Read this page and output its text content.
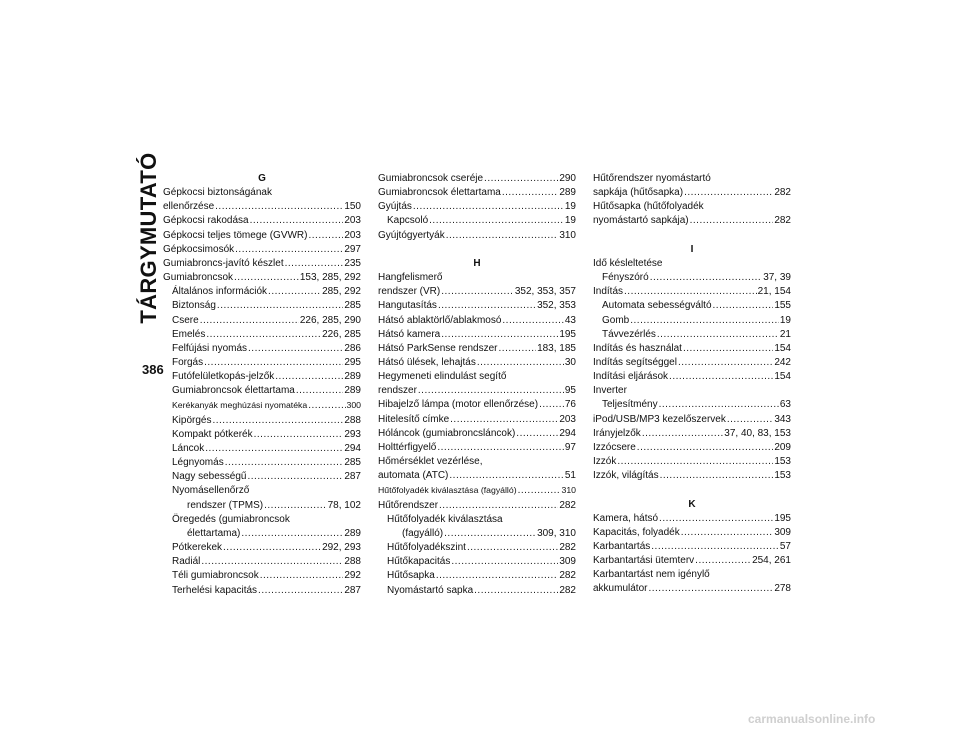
TÁRGYMUTATÓ
386
G
Gépkocsi biztonságának
ellenőrzése .....	150
Gépkocsi rakodása .....	203
Gépkocsi teljes tömege (GVWR) .....	203
Gépkocsimosók .....	297
Gumiabroncs-javító készlet .....	235
Gumiabroncsok .....	153, 285, 292
Általános információk .....	285, 292
Biztonság .....	285
Csere .....	226, 285, 290
Emelés .....	226, 285
Felfújási nyomás .....	286
Forgás .....	295
Futófelületkopás-jelzők .....	289
Gumiabroncsok élettartama .....	289
Kerékanyák meghúzási nyomatéka .....	300
Kipörgés .....	288
Kompakt pótkerék .....	293
Láncok .....	294
Légnyomás .....	285
Nagy sebességű .....	287
Nyomásellenőrző
rendszer (TPMS) .....	78, 102
Öregedés (gumiabroncsok
élettartama) .....	289
Pótkerekek .....	292, 293
Radiál .....	288
Téli gumiabroncsok .....	292
Terhelési kapacitás .....	287
Gumiabroncsok cseréje .....	290
Gumiabroncsok élettartama .....	289
Gyújtás .....	19
Kapcsoló .....	19
Gyújtógyertyák .....	310
H
Hangfelismerő
rendszer (VR) .....	352, 353, 357
Hangutasítás .....	352, 353
Hátsó ablaktörlő/ablakmosó .....	43
Hátsó kamera .....	195
Hátsó ParkSense rendszer .....	183, 185
Hátsó ülések, lehajtás .....	30
Hegymeneti elindulást segítő
rendszer .....	95
Hibajelző lámpa (motor ellenőrzése) .....	76
Hitelesítő címke .....	203
Hóláncok (gumiabroncsláncok) .....	294
Holttérfigyelő .....	97
Hőmérséklet vezérlése,
automata (ATC) .....	51
Hűtőfolyadék kiválasztása (fagyálló) .....	310
Hűtőrendszer .....	282
Hűtőfolyadék kiválasztása
(fagyálló) .....	309, 310
Hűtőfolyadékszint .....	282
Hűtőkapacitás .....	309
Hűtősapka .....	282
Nyomástartó sapka .....	282
Hűtőrendszer nyomástartó
sapkája (hűtősapka) .....	282
Hűtősapka (hűtőfolyadék
nyomástartó sapkája) .....	282
I
Idő késleltetése
Fényszóró .....	37, 39
Indítás .....	21, 154
Automata sebességváltó .....	155
Gomb .....	19
Távvezérlés .....	21
Indítás és használat .....	154
Indítás segítséggel .....	242
Indítási eljárások .....	154
Inverter
Teljesítmény .....	63
iPod/USB/MP3 kezelőszervek .....	343
Irányjelzők .....	37, 40, 83, 153
Izzócsere .....	209
Izzók .....	153
Izzók, világítás .....	153
K
Kamera, hátsó .....	195
Kapacitás, folyadék .....	309
Karbantartás .....	57
Karbantartási ütemterv .....	254, 261
Karbantartást nem igénylő
akkumulátor .....	278
carmanualsonline.info
